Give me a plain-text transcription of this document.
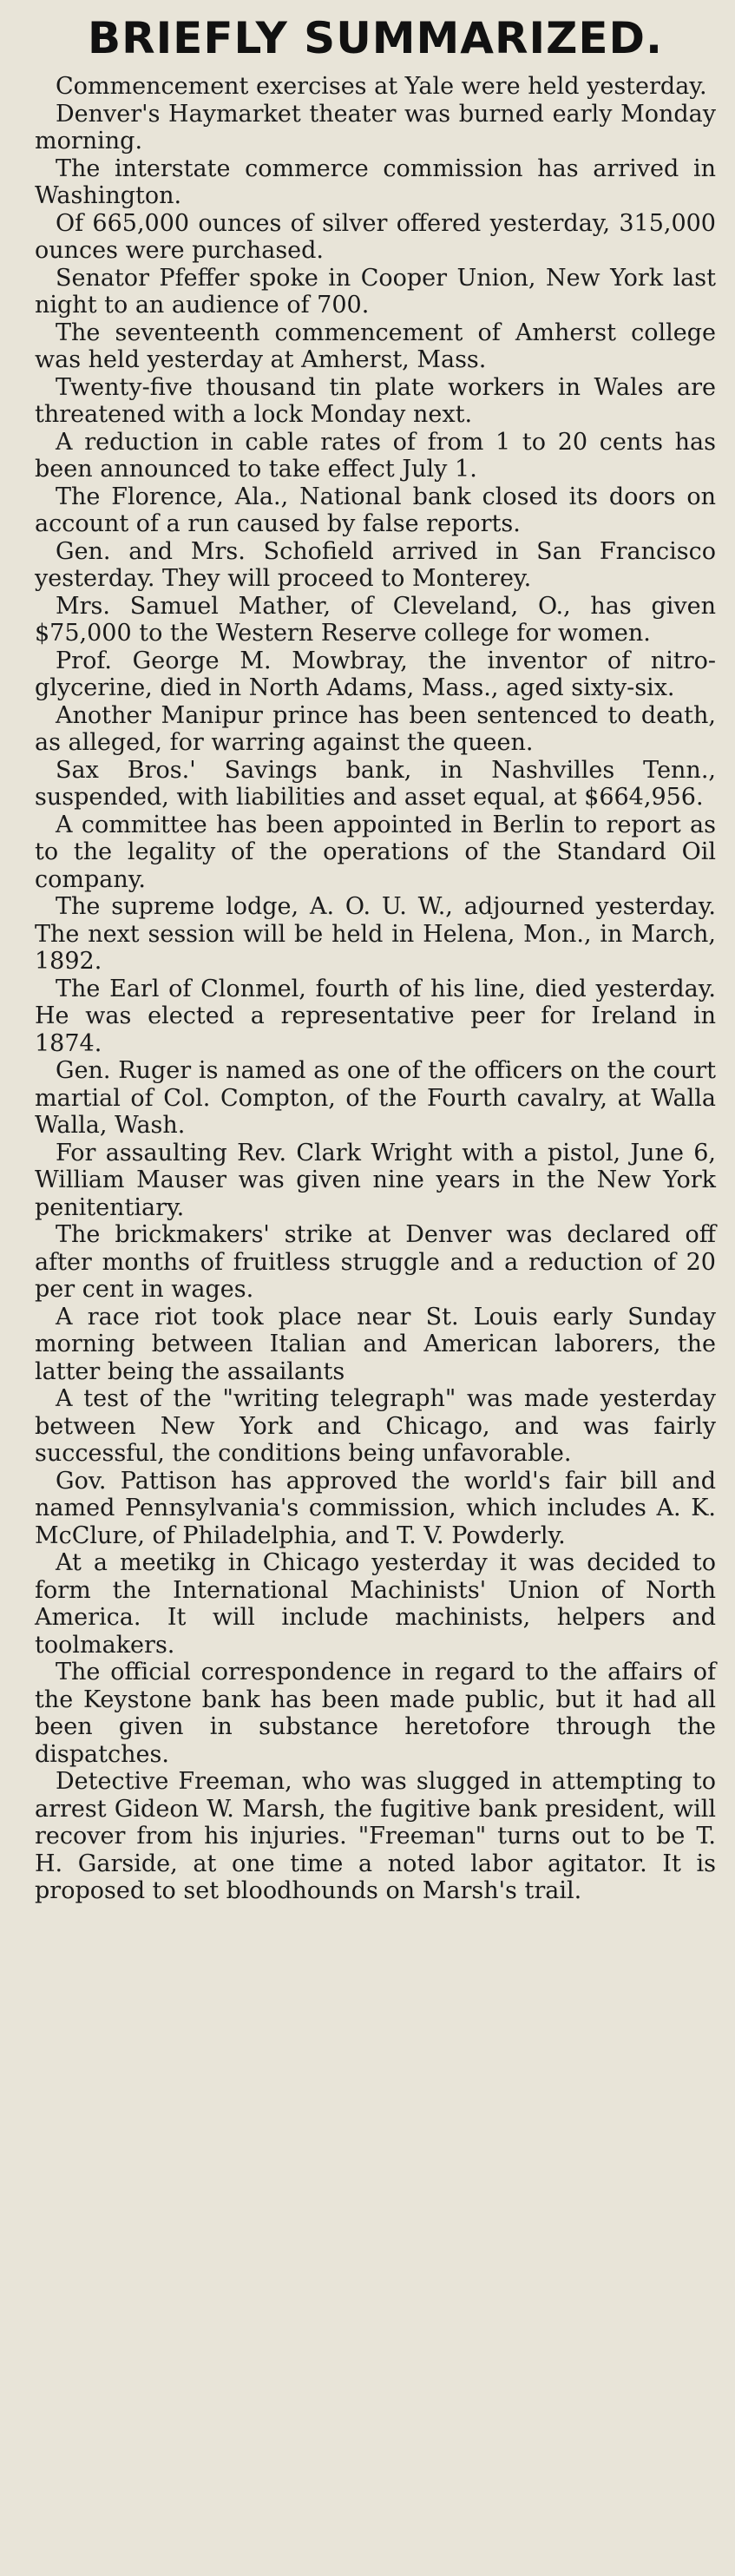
BRIEFLY SUMMARIZED.

Commencement exercises at Yale were held yesterday.

Denver's Haymarket theater was burned early Monday morning.

The interstate commerce commission has arrived in Washington.

Of 665,000 ounces of silver offered yesterday, 315,000 ounces were purchased.

Senator Pfeffer spoke in Cooper Union, New York last night to an audience of 700.

The seventeenth commencement of Amherst college was held yesterday at Amherst, Mass.

Twenty-five thousand tin plate workers in Wales are threatened with a lock Monday next.

A reduction in cable rates of from 1 to 20 cents has been announced to take effect July 1.

The Florence, Ala., National bank closed its doors on account of a run caused by false reports.

Gen. and Mrs. Schofield arrived in San Francisco yesterday. They will proceed to Monterey.

Mrs. Samuel Mather, of Cleveland, O., has given $75,000 to the Western Reserve college for women.

Prof. George M. Mowbray, the inventor of nitro-glycerine, died in North Adams, Mass., aged sixty-six.

Another Manipur prince has been sentenced to death, as alleged, for warring against the queen.

Sax Bros.' Savings bank, in Nashvilles Tenn., suspended, with liabilities and asset equal, at $664,956.

A committee has been appointed in Berlin to report as to the legality of the operations of the Standard Oil company.

The supreme lodge, A. O. U. W., adjourned yesterday. The next session will be held in Helena, Mon., in March, 1892.

The Earl of Clonmel, fourth of his line, died yesterday. He was elected a representative peer for Ireland in 1874.

Gen. Ruger is named as one of the officers on the court martial of Col. Compton, of the Fourth cavalry, at Walla Walla, Wash.

For assaulting Rev. Clark Wright with a pistol, June 6, William Mauser was given nine years in the New York penitentiary.

The brickmakers' strike at Denver was declared off after months of fruitless struggle and a reduction of 20 per cent in wages.

A race riot took place near St. Louis early Sunday morning between Italian and American laborers, the latter being the assailants

A test of the "writing telegraph" was made yesterday between New York and Chicago, and was fairly successful, the conditions being unfavorable.

Gov. Pattison has approved the world's fair bill and named Pennsylvania's commission, which includes A. K. McClure, of Philadelphia, and T. V. Powderly.

At a meetikg in Chicago yesterday it was decided to form the International Machinists' Union of North America. It will include machinists, helpers and toolmakers.

The official correspondence in regard to the affairs of the Keystone bank has been made public, but it had all been given in substance heretofore through the dispatches.

Detective Freeman, who was slugged in attempting to arrest Gideon W. Marsh, the fugitive bank president, will recover from his injuries. "Freeman" turns out to be T. H. Garside, at one time a noted labor agitator. It is proposed to set bloodhounds on Marsh's trail.
